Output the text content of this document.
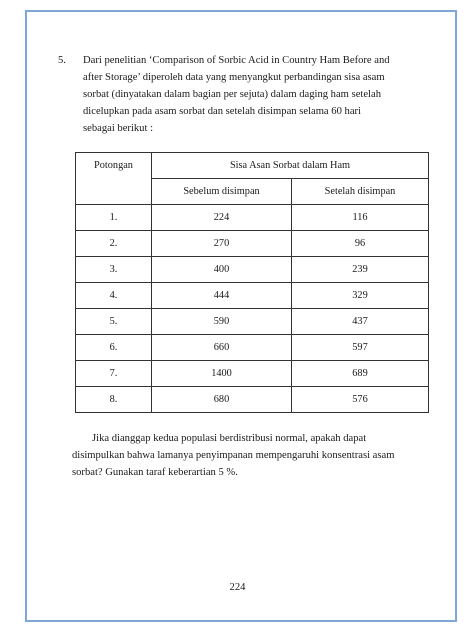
5. Dari penelitian ‘Comparison of Sorbic Acid in Country Ham Before and

after Storage’ diperoleh data yang menyangkut perbandingan sisa asam

sorbat (dinyatakan dalam bagian per sejuta) dalam daging ham setelah

dicelupkan pada asam sorbat dan setelah disimpan selama 60 hari

sebagai berikut :

Potongan	Sisa Asan Sorbat dalam Ham	
	Sebelum disimpan	Setelah disimpan
1.	224	116
2.	270	96
3.	400	239
4.	444	329
5.	590	437
6.	660	597
7.	1400	689
8.	680	576

Jika dianggap kedua populasi berdistribusi normal, apakah dapat

disimpulkan bahwa lamanya penyimpanan mempengaruhi konsentrasi asam

sorbat? Gunakan taraf keberartian 5 %.

224
